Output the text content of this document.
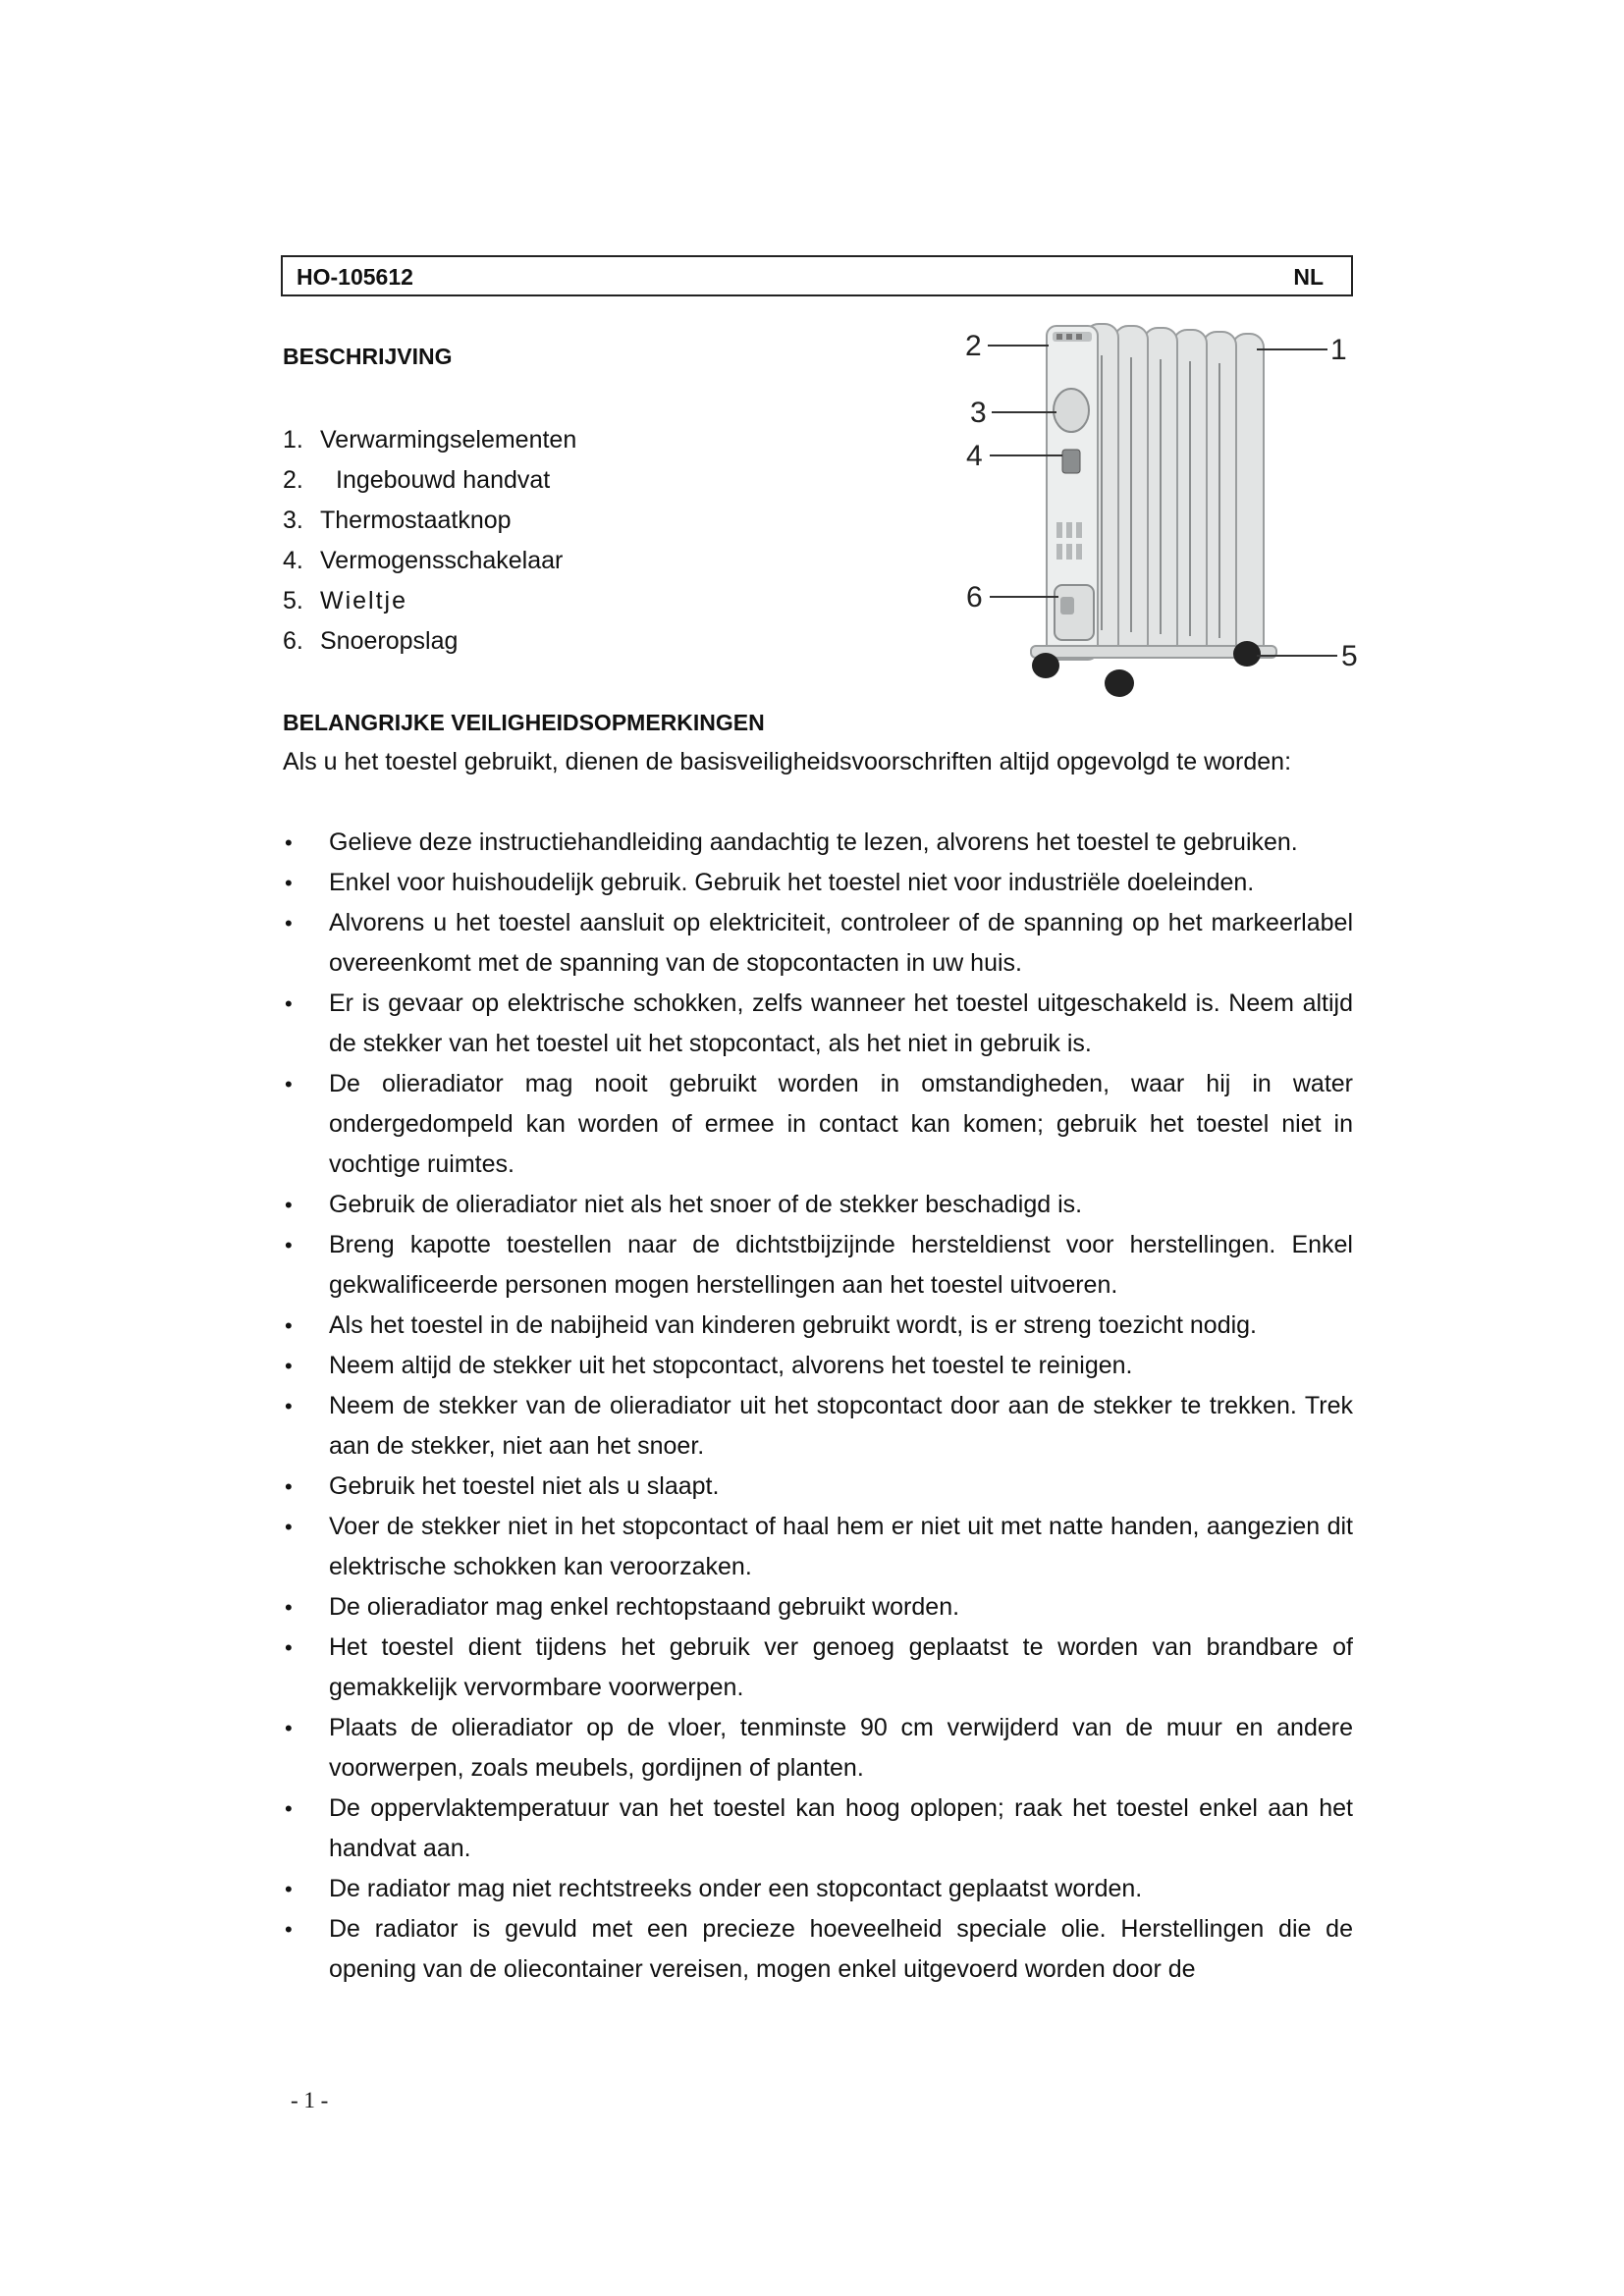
HO-105612	NL
BESCHRIJVING
1. Verwarmingselementen
2. Ingebouwd handvat
3. Thermostaatknop
4. Vermogensschakelaar
5. Wieltje
6. Snoeropslag
2
3
4
6
1
5
BELANGRIJKE VEILIGHEIDSOPMERKINGEN

Als u het toestel gebruikt, dienen de basisveiligheidsvoorschriften altijd opgevolgd te worden:

• Gelieve deze instructiehandleiding aandachtig te lezen, alvorens het toestel te gebruiken.
• Enkel voor huishoudelijk gebruik. Gebruik het toestel niet voor industriële doeleinden.
• Alvorens u het toestel aansluit op elektriciteit, controleer of de spanning op het markeerlabel overeenkomt met de spanning van de stopcontacten in uw huis.
• Er is gevaar op elektrische schokken, zelfs wanneer het toestel uitgeschakeld is. Neem altijd de stekker van het toestel uit het stopcontact, als het niet in gebruik is.
• De olieradiator mag nooit gebruikt worden in omstandigheden, waar hij in water ondergedompeld kan worden of ermee in contact kan komen; gebruik het toestel niet in vochtige ruimtes.
• Gebruik de olieradiator niet als het snoer of de stekker beschadigd is.
• Breng kapotte toestellen naar de dichtstbijzijnde hersteldienst voor herstellingen. Enkel gekwalificeerde personen mogen herstellingen aan het toestel uitvoeren.
• Als het toestel in de nabijheid van kinderen gebruikt wordt, is er streng toezicht nodig.
• Neem altijd de stekker uit het stopcontact, alvorens het toestel te reinigen.
• Neem de stekker van de olieradiator uit het stopcontact door aan de stekker te trekken. Trek aan de stekker, niet aan het snoer.
• Gebruik het toestel niet als u slaapt.
• Voer de stekker niet in het stopcontact of haal hem er niet uit met natte handen, aangezien dit elektrische schokken kan veroorzaken.
• De olieradiator mag enkel rechtopstaand gebruikt worden.
• Het toestel dient tijdens het gebruik ver genoeg geplaatst te worden van brandbare of gemakkelijk vervormbare voorwerpen.
• Plaats de olieradiator op de vloer, tenminste 90 cm verwijderd van de muur en andere voorwerpen, zoals meubels, gordijnen of planten.
• De oppervlaktemperatuur van het toestel kan hoog oplopen; raak het toestel enkel aan het handvat aan.
• De radiator mag niet rechtstreeks onder een stopcontact geplaatst worden.
• De radiator is gevuld met een precieze hoeveelheid speciale olie. Herstellingen die de opening van de oliecontainer vereisen, mogen enkel uitgevoerd worden door de
- 1 -
